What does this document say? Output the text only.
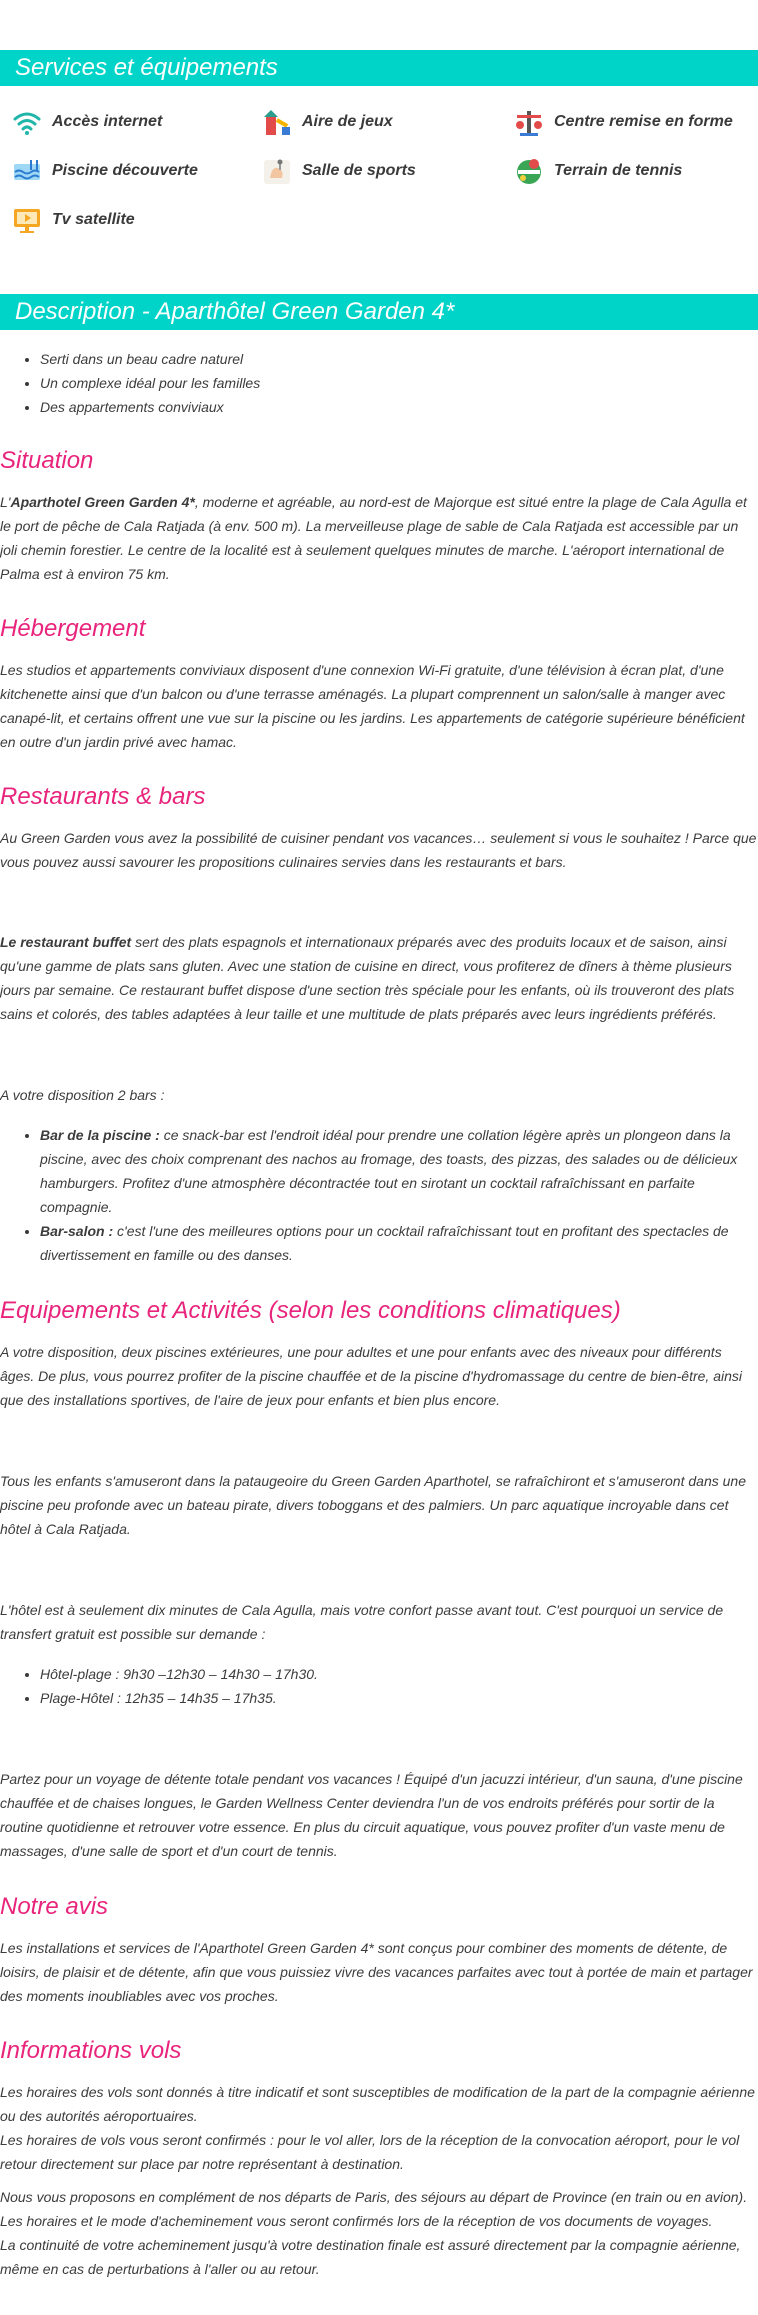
Services et équipements
Accès internet	Aire de jeux	Centre remise en forme
Piscine découverte	Salle de sports	Terrain de tennis
Tv satellite
Description - Aparthôtel Green Garden 4*
• Serti dans un beau cadre naturel
• Un complexe idéal pour les familles
• Des appartements conviviaux
Situation

L'Aparthotel Green Garden 4*, moderne et agréable, au nord-est de Majorque est situé entre la plage de Cala Agulla et le port de pêche de Cala Ratjada (à env. 500 m). La merveilleuse plage de sable de Cala Ratjada est accessible par un joli chemin forestier. Le centre de la localité est à seulement quelques minutes de marche. L'aéroport international de Palma est à environ 75 km.

Hébergement

Les studios et appartements conviviaux disposent d'une connexion Wi-Fi gratuite, d'une télévision à écran plat, d'une kitchenette ainsi que d'un balcon ou d'une terrasse aménagés. La plupart comprennent un salon/salle à manger avec canapé-lit, et certains offrent une vue sur la piscine ou les jardins. Les appartements de catégorie supérieure bénéficient en outre d'un jardin privé avec hamac.

Restaurants & bars

Au Green Garden vous avez la possibilité de cuisiner pendant vos vacances… seulement si vous le souhaitez ! Parce que vous pouvez aussi savourer les propositions culinaires servies dans les restaurants et bars.

Le restaurant buffet sert des plats espagnols et internationaux préparés avec des produits locaux et de saison, ainsi qu'une gamme de plats sans gluten. Avec une station de cuisine en direct, vous profiterez de dîners à thème plusieurs jours par semaine. Ce restaurant buffet dispose d'une section très spéciale pour les enfants, où ils trouveront des plats sains et colorés, des tables adaptées à leur taille et une multitude de plats préparés avec leurs ingrédients préférés.

A votre disposition 2 bars :

• Bar de la piscine : ce snack-bar est l'endroit idéal pour prendre une collation légère après un plongeon dans la piscine, avec des choix comprenant des nachos au fromage, des toasts, des pizzas, des salades ou de délicieux hamburgers. Profitez d'une atmosphère décontractée tout en sirotant un cocktail rafraîchissant en parfaite compagnie.
• Bar-salon : c'est l'une des meilleures options pour un cocktail rafraîchissant tout en profitant des spectacles de divertissement en famille ou des danses.
Equipements et Activités (selon les conditions climatiques)

A votre disposition, deux piscines extérieures, une pour adultes et une pour enfants avec des niveaux pour différents âges. De plus, vous pourrez profiter de la piscine chauffée et de la piscine d'hydromassage du centre de bien-être, ainsi que des installations sportives, de l'aire de jeux pour enfants et bien plus encore.

Tous les enfants s'amuseront dans la pataugeoire du Green Garden Aparthotel, se rafraîchiront et s'amuseront dans une piscine peu profonde avec un bateau pirate, divers toboggans et des palmiers. Un parc aquatique incroyable dans cet hôtel à Cala Ratjada.

L'hôtel est à seulement dix minutes de Cala Agulla, mais votre confort passe avant tout. C'est pourquoi un service de transfert gratuit est possible sur demande :

• Hôtel-plage : 9h30 –12h30 – 14h30 – 17h30.
• Plage-Hôtel : 12h35 – 14h35 – 17h35.

Partez pour un voyage de détente totale pendant vos vacances ! Équipé d'un jacuzzi intérieur, d'un sauna, d'une piscine chauffée et de chaises longues, le Garden Wellness Center deviendra l'un de vos endroits préférés pour sortir de la routine quotidienne et retrouver votre essence. En plus du circuit aquatique, vous pouvez profiter d'un vaste menu de massages, d'une salle de sport et d'un court de tennis.

Notre avis

Les installations et services de l'Aparthotel Green Garden 4* sont conçus pour combiner des moments de détente, de loisirs, de plaisir et de détente, afin que vous puissiez vivre des vacances parfaites avec tout à portée de main et partager des moments inoubliables avec vos proches.

Informations vols

Les horaires des vols sont donnés à titre indicatif et sont susceptibles de modification de la part de la compagnie aérienne ou des autorités aéroportuaires.
Les horaires de vols vous seront confirmés : pour le vol aller, lors de la réception de la convocation aéroport, pour le vol retour directement sur place par notre représentant à destination.

Nous vous proposons en complément de nos départs de Paris, des séjours au départ de Province (en train ou en avion).
Les horaires et le mode d'acheminement vous seront confirmés lors de la réception de vos documents de voyages.
La continuité de votre acheminement jusqu'à votre destination finale est assuré directement par la compagnie aérienne, même en cas de perturbations à l'aller ou au retour.
